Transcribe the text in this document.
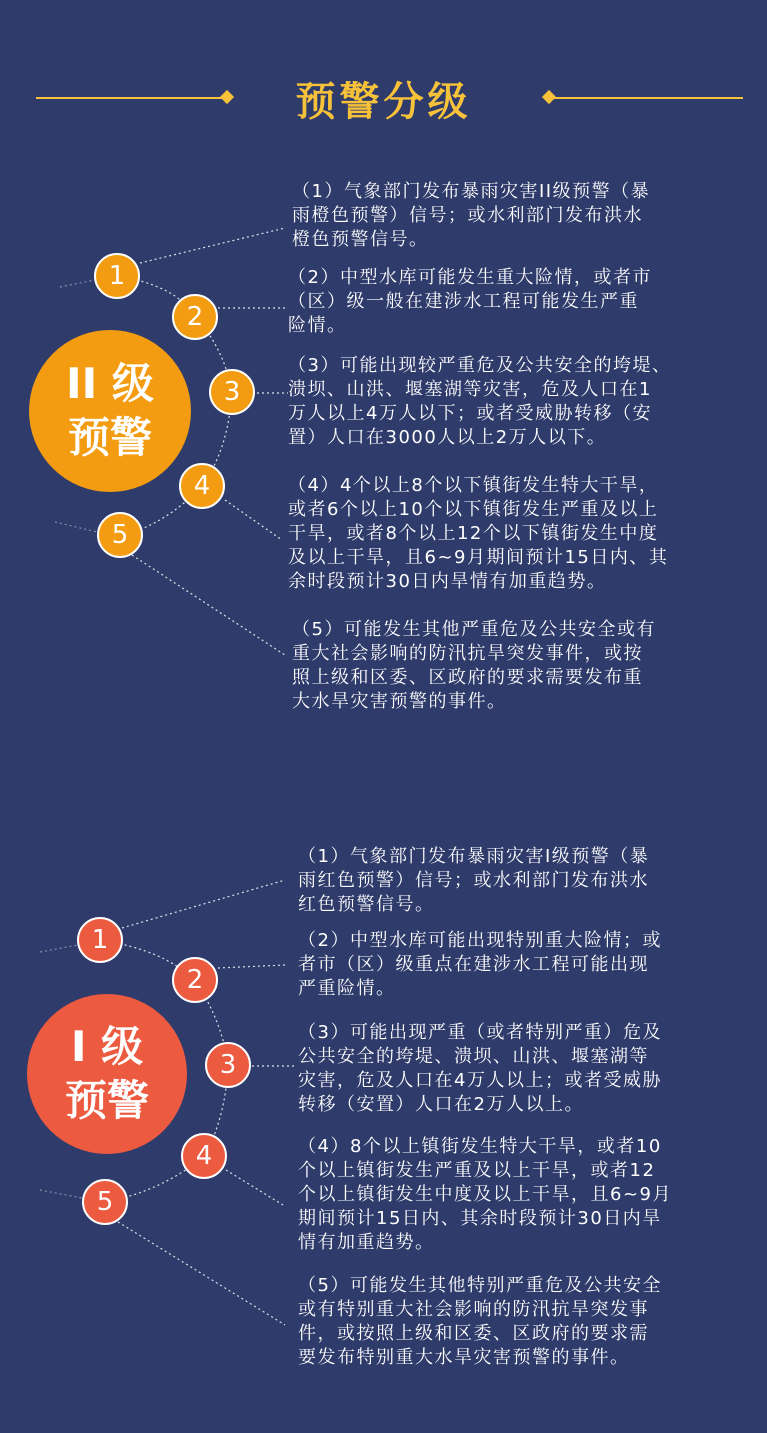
预警分级
II 级
预警
1
2
3
4
5
（1）气象部门发布暴雨灾害II级预警（暴
雨橙色预警）信号；或水利部门发布洪水
橙色预警信号。
（2）中型水库可能发生重大险情，或者市
（区）级一般在建涉水工程可能发生严重
险情。
（3）可能出现较严重危及公共安全的垮堤、
溃坝、山洪、堰塞湖等灾害，危及人口在1
万人以上4万人以下；或者受威胁转移（安
置）人口在3000人以上2万人以下。
（4）4个以上8个以下镇街发生特大干旱，
或者6个以上10个以下镇街发生严重及以上
干旱，或者8个以上12个以下镇街发生中度
及以上干旱，且6~9月期间预计15日内、其
余时段预计30日内旱情有加重趋势。
（5）可能发生其他严重危及公共安全或有
重大社会影响的防汛抗旱突发事件，或按
照上级和区委、区政府的要求需要发布重
大水旱灾害预警的事件。
I 级
预警
1
2
3
4
5
（1）气象部门发布暴雨灾害I级预警（暴
雨红色预警）信号；或水利部门发布洪水
红色预警信号。
（2）中型水库可能出现特别重大险情；或
者市（区）级重点在建涉水工程可能出现
严重险情。
（3）可能出现严重（或者特别严重）危及
公共安全的垮堤、溃坝、山洪、堰塞湖等
灾害，危及人口在4万人以上；或者受威胁
转移（安置）人口在2万人以上。
（4）8个以上镇街发生特大干旱，或者10
个以上镇街发生严重及以上干旱，或者12
个以上镇街发生中度及以上干旱，且6~9月
期间预计15日内、其余时段预计30日内旱
情有加重趋势。
（5）可能发生其他特别严重危及公共安全
或有特别重大社会影响的防汛抗旱突发事
件，或按照上级和区委、区政府的要求需
要发布特别重大水旱灾害预警的事件。
